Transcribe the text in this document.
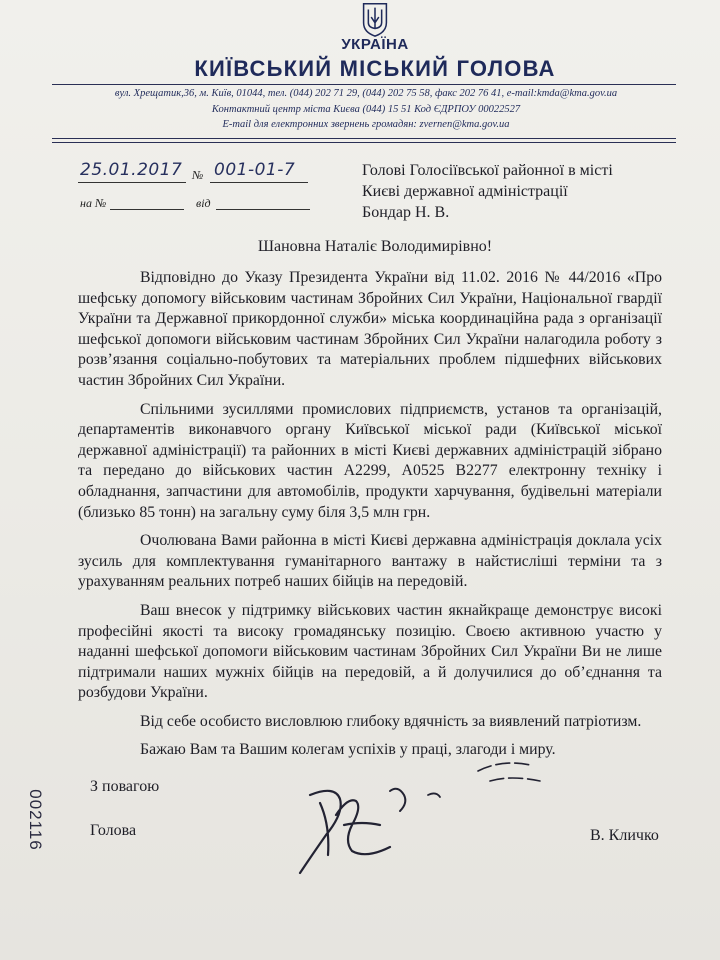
УКРАЇНА
КИЇВСЬКИЙ МІСЬКИЙ ГОЛОВА
вул. Хрещатик,36, м. Київ, 01044, тел. (044) 202 71 29, (044) 202 75 58, факс 202 76 41, e-mail:kmda@kma.gov.ua
Контактний центр міста Києва (044) 15 51 Код ЄДРПОУ 00022527
E-mail для електронних звернень громадян: zvernen@kma.gov.ua
25.01.2017 № 001-01-7
на №	від
Голові Голосіївської районної в місті
Києві державної адміністрації
Бондар Н. В.
Шановна Наталіє Володимирівно!

Відповідно до Указу Президента України від 11.02. 2016 № 44/2016 «Про шефську допомогу військовим частинам Збройних Сил України, Національної гвардії України та Державної прикордонної служби» міська координаційна рада з організації шефської допомоги військовим частинам Збройних Сил України налагодила роботу з розв’язання соціально-побутових та матеріальних проблем підшефних військових частин Збройних Сил України.

Спільними зусиллями промислових підприємств, установ та організацій, департаментів виконавчого органу Київської міської ради (Київської міської державної адміністрації) та районних в місті Києві державних адміністрацій зібрано та передано до військових частин А2299, А0525 В2277 електронну техніку і обладнання, запчастини для автомобілів, продукти харчування, будівельні матеріали (близько 85 тонн) на загальну суму біля 3,5 млн грн.

Очолювана Вами районна в місті Києві державна адміністрація доклала усіх зусиль для комплектування гуманітарного вантажу в найстисліші терміни та з урахуванням реальних потреб наших бійців на передовій.

Ваш внесок у підтримку військових частин якнайкраще демонструє високі професійні якості та високу громадянську позицію. Своєю активною участю у наданні шефської допомоги військовим частинам Збройних Сил України Ви не лише підтримали наших мужніх бійців на передовій, а й долучилися до об’єднання та розбудови України.

Від себе особисто висловлюю глибоку вдячність за виявлений патріотизм.

Бажаю Вам та Вашим колегам успіхів у праці, злагоди і миру.

З повагою
Голова	В. Кличко
002116
